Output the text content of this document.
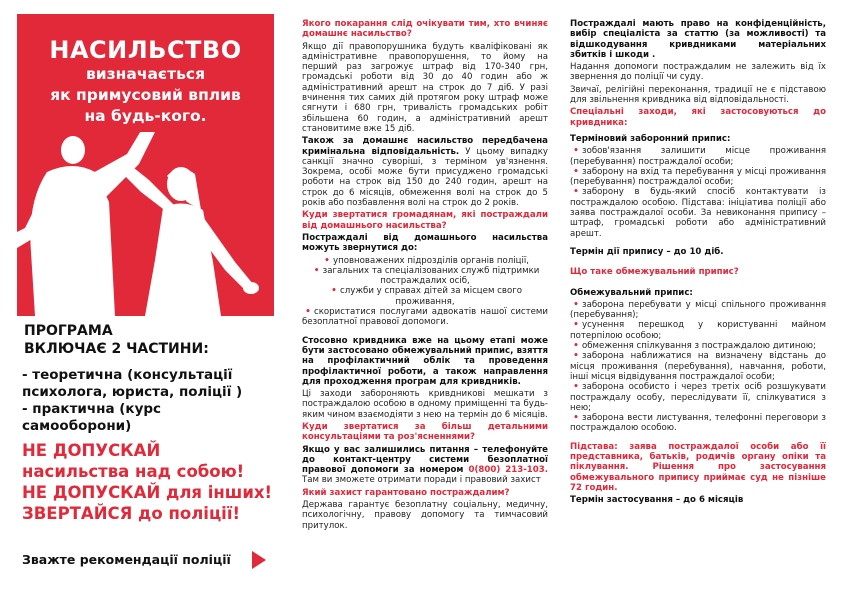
НАСИЛЬСТВО
визначається
як примусовий вплив
на будь-кого.
ПРОГРАМА
ВКЛЮЧАЄ 2 ЧАСТИНИ:
- теоретична (консультації
психолога, юриста, поліції )
- практична (курс самооборони)
НЕ ДОПУСКАЙ
насильства над собою!
НЕ ДОПУСКАЙ для інших!
ЗВЕРТАЙСЯ до поліції!
Зважте рекомендації поліції

Якого покарання слід очікувати тим, хто вчиняє домашнє насильство?

Якщо дії правопорушника будуть кваліфіковані як адміністративне правопорушення, то йому на перший раз загрожує штраф від 170-340 грн, громадські роботи від 30 до 40 годин або ж адміністративний арешт на строк до 7 діб. У разі вчинення тих самих дій протягом року штраф може сягнути і 680 грн, тривалість громадських робіт збільшена 60 годин, а адміністративний арешт становитиме вже 15 діб.

Також за домашнє насильство передбачена кримінальна відповідальність. У цьому випадку санкції значно суворіші, з терміном ув'язнення. Зокрема, особі може бути присуджено громадські роботи на строк від 150 до 240 годин, арешт на строк до 6 місяців, обмеження волі на строк до 5 років або позбавлення волі на строк до 2 років.

Куди звертатися громадянам, які постраждали від домашнього насильства?

Постраждалі від домашнього насильства можуть звернутися до:

• уповноважених підрозділів органів поліції,
• загальних та спеціалізованих служб підтримки постраждалих осіб,
• служби у справах дітей за місцем свого проживання,
• скористатися послугами адвокатів нашої системи безоплатної правової допомоги.

Стосовно кривдника вже на цьому етапі може бути застосовано обмежувальний припис, взяття на профілактичний облік та проведення профілактичної роботи, а також направлення для проходження програм для кривдників.

Ці заходи забороняють кривдникові мешкати з постраждалою особою в одному приміщенні та будь-яким чином взаємодіяти з нею на термін до 6 місяців.

Куди звертатися за більш детальними консультаціями та роз'ясненнями?

Якщо у вас залишились питання – телефонуйте до контакт-центру системи безоплатної правової допомоги за номером 0(800) 213-103. Там ви зможете отримати поради і правовий захист

Який захист гарантовано постраждалим?

Держава гарантує безоплатну соціальну, медичну, психологічну, правову допомогу та тимчасовий притулок.

Постраждалі мають право на конфіденційність, вибір спеціаліста за статтю (за можливості) та відшкодування кривдниками матеріальних збитків і шкоди .

Надання допомоги постраждалим не залежить від їх звернення до поліції чи суду.

Звичаї, релігійні переконання, традиції не є підставою для звільнення кривдника від відповідальності.

Спеціальні заходи, які застосовуються до кривдника:

Терміновий заборонний припис:

• зобов'язання залишити місце проживання (перебування) постраждалої особи;
• заборону на вхід та перебування у місці проживання (перебування) постраждалої особи;
• заборону в будь-який спосіб контактувати із постраждалою особою. Підстава: ініціатива поліції або заява постраждалої особи. За невиконання припису – штраф, громадські роботи або адміністративний арешт.

Термін дії припису – до 10 діб.

Що таке обмежувальний припис?

Обмежувальний припис:

• заборона перебувати у місці спільного проживання (перебування);
• усунення перешкод у користуванні майном потерпілою особою;
• обмеження спілкування з постраждалою дитиною;
• заборона наближатися на визначену відстань до місця проживання (перебування), навчання, роботи, інші місця відвідування постраждалої особи;
• заборона особисто і через третіх осіб розшукувати постраждалу особу, переслідувати її, спілкуватися з нею;
• заборона вести листування, телефонні переговори з постраждалою особою.

Підстава: заява постраждалої особи або її представника, батьків, родичів органу опіки та піклування. Рішення про застосування обмежувального припису приймає суд не пізніше 72 годин.

Термін застосування – до 6 місяців
